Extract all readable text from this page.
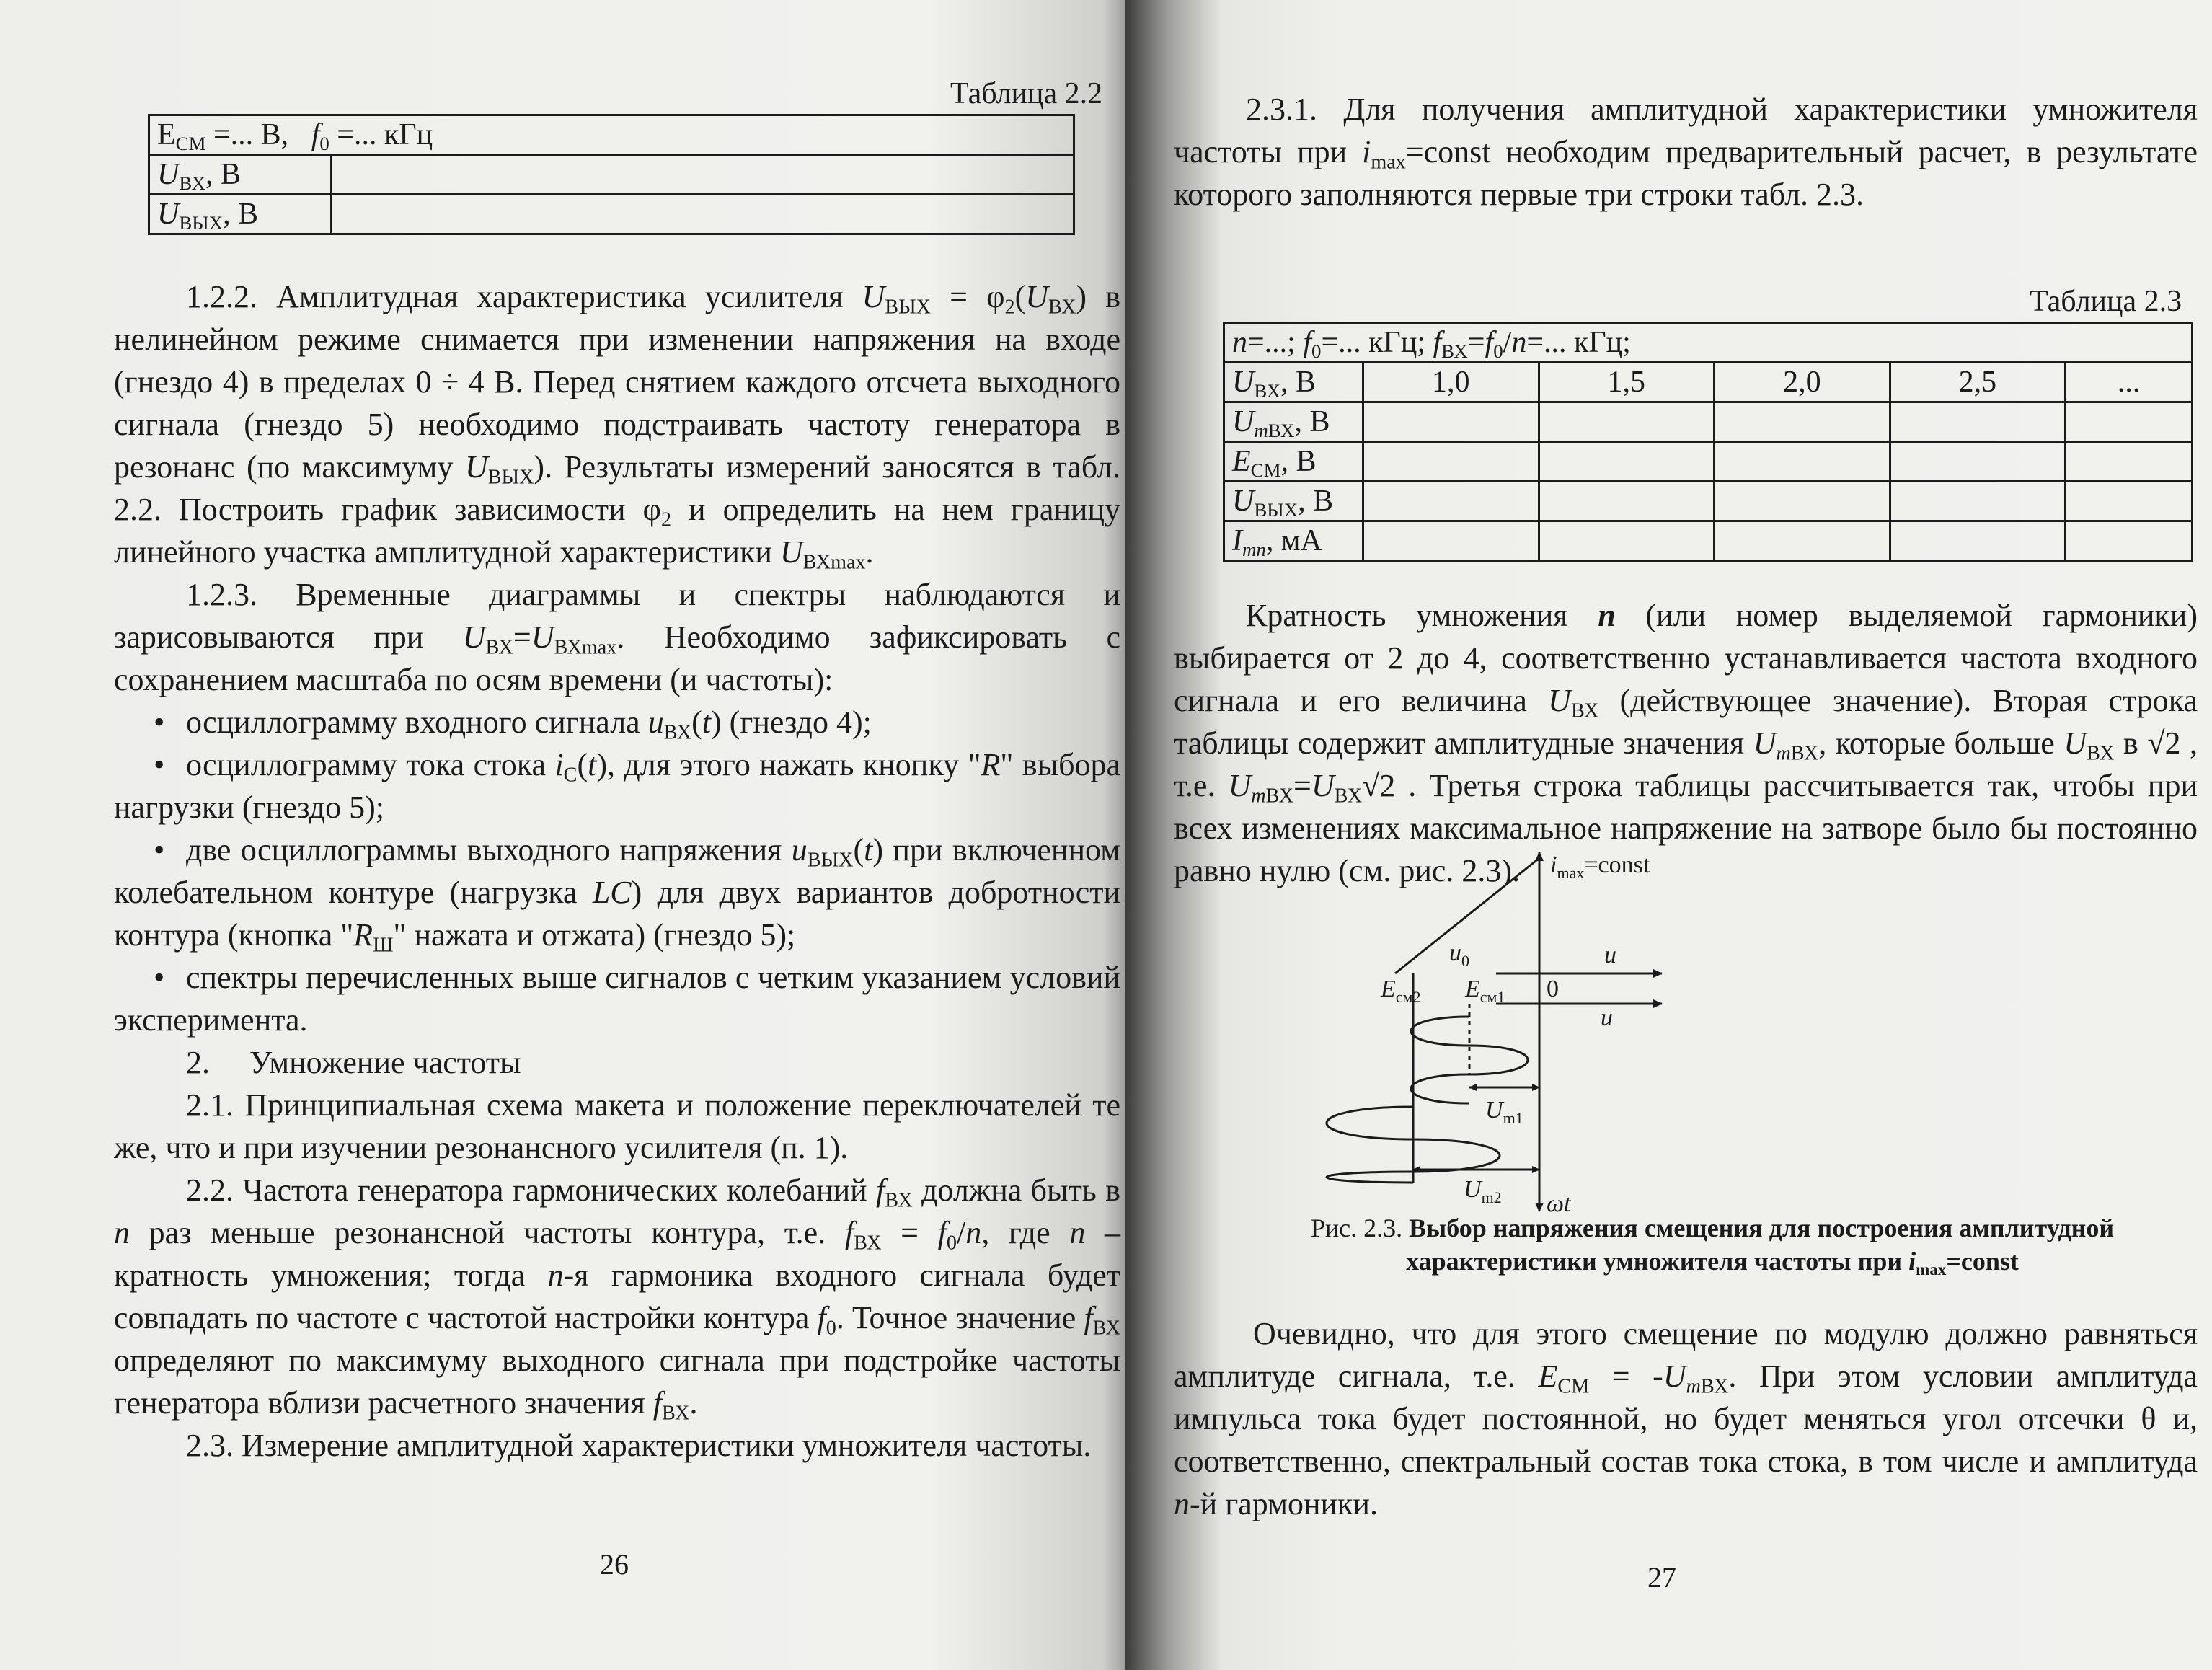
Таблица 2.2
$E_{СМ}$ =... В,   $f_0$ =... кГц	
$U_{ВХ}$, В	
$U_{ВЫХ}$, В	

1.2.2. Амплитудная характеристика усилителя $U_{ВЫХ} = \varphi_2(U_{ВХ})$ в нелинейном режиме снимается при изменении напряжения на входе (гнездо 4) в пределах 0 ÷ 4 В. Перед снятием каждого отсчета выходного сигнала (гнездо 5) необходимо подстраивать частоту генератора в резонанс (по максимуму $U_{ВЫХ}$). Результаты измерений заносятся в табл. 2.2. Построить график зависимости $\varphi_2$ и определить на нем границу линейного участка амплитудной характеристики $U_{ВХmax}$.

1.2.3. Временные диаграммы и спектры наблюдаются и зарисовываются при $U_{ВХ}=U_{ВХmax}$. Необходимо зафиксировать с сохранением масштаба по осям времени (и частоты):

• осциллограмму входного сигнала $u_{ВХ}(t)$ (гнездо 4);

• осциллограмму тока стока $i_С(t)$, для этого нажать кнопку "R" выбора нагрузки (гнездо 5);

• две осциллограммы выходного напряжения $u_{ВЫХ}(t)$ при включенном колебательном контуре (нагрузка LC) для двух вариантов добротности контура (кнопка "$R_Ш$" нажата и отжата) (гнездо 5);

• спектры перечисленных выше сигналов с четким указанием условий эксперимента.

2.     Умножение частоты

2.1. Принципиальная схема макета и положение переключателей те же, что и при изучении резонансного усилителя (п. 1).

2.2. Частота генератора гармонических колебаний $f_{ВХ}$ должна быть в n раз меньше резонансной частоты контура, т.е. $f_{ВХ} = f_0/n$, где n – кратность умножения; тогда n-я гармоника входного сигнала будет совпадать по частоте с частотой настройки контура $f_0$. Точное значение $f_{ВХ}$ определяют по максимуму выходного сигнала при подстройке частоты генератора вблизи расчетного значения $f_{ВХ}$.

2.3. Измерение амплитудной характеристики умножителя частоты.

26

2.3.1. Для получения амплитудной характеристики умножителя частоты при $i_{max}=const$ необходим предварительный расчет, в результате которого заполняются первые три строки табл. 2.3.

Таблица 2.3
n=...; $f_0=$... кГц; $f_{ВХ}=f_0/n=$... кГц;					
$U_{ВХ}$, В	1,0	1,5	2,0	2,5	...
$U_{mВХ}$, В					
$E_{СМ}$, В					
$U_{ВЫХ}$, В					
$I_{mn}$, мА					

Кратность умножения n (или номер выделяемой гармоники) выбирается от 2 до 4, соответственно устанавливается частота входного сигнала и его величина $U_{ВХ}$ (действующее значение). Вторая строка таблицы содержит амплитудные значения $U_{mВХ}$, которые больше $U_{ВХ}$ в √2 , т.е. $U_{mВХ}=U_{ВХ}√2$ . Третья строка таблицы рассчитывается так, чтобы при всех изменениях максимальное напряжение на затворе было бы постоянно равно нулю (см. рис. 2.3).	$i_{max}=const$
$u_0$	u
$E_{см2}$ $E_{см1}$ 0
u
$U_{m1}$
$U_{m2}$ ωt
Рис. 2.3. Выбор напряжения смещения для построения амплитудной
характеристики умножителя частоты при $i_{max}=const$

Очевидно, что для этого смещение по модулю должно равняться амплитуде сигнала, т.е. $E_{СМ} = -U_{mВХ}$. При этом условии амплитуда импульса тока будет постоянной, но будет меняться угол отсечки θ и, соответственно, спектральный состав тока стока, в том числе и амплитуда n-й гармоники.

27
